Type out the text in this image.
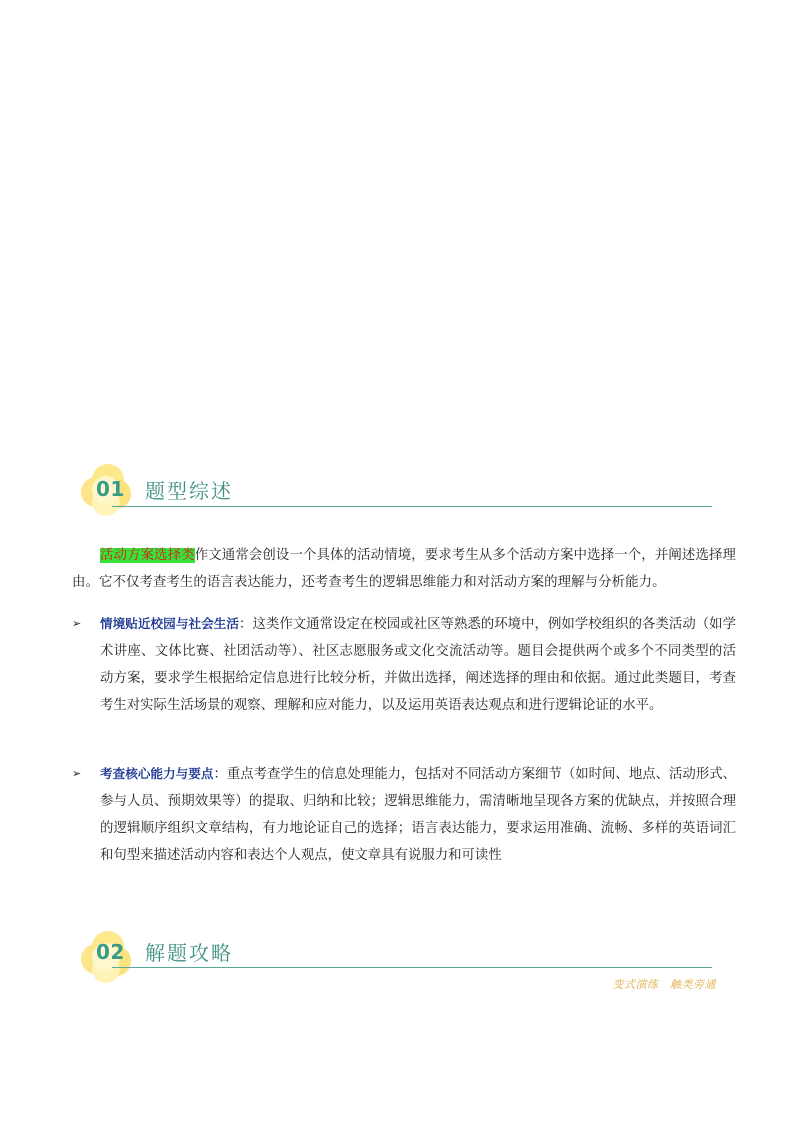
01 题型综述
活动方案选择类作文通常会创设一个具体的活动情境，要求考生从多个活动方案中选择一个，并阐述选择理由。它不仅考查考生的语言表达能力，还考查考生的逻辑思维能力和对活动方案的理解与分析能力。
➢	情境贴近校园与社会生活：这类作文通常设定在校园或社区等熟悉的环境中，例如学校组织的各类活动（如学术讲座、文体比赛、社团活动等）、社区志愿服务或文化交流活动等。题目会提供两个或多个不同类型的活动方案，要求学生根据给定信息进行比较分析，并做出选择，阐述选择的理由和依据。通过此类题目，考查考生对实际生活场景的观察、理解和应对能力，以及运用英语表达观点和进行逻辑论证的水平。
➢	考查核心能力与要点：重点考查学生的信息处理能力，包括对不同活动方案细节（如时间、地点、活动形式、参与人员、预期效果等）的提取、归纳和比较；逻辑思维能力，需清晰地呈现各方案的优缺点，并按照合理的逻辑顺序组织文章结构，有力地论证自己的选择；语言表达能力，要求运用准确、流畅、多样的英语词汇和句型来描述活动内容和表达个人观点，使文章具有说服力和可读性
02 解题攻略
变式演练　触类旁通
